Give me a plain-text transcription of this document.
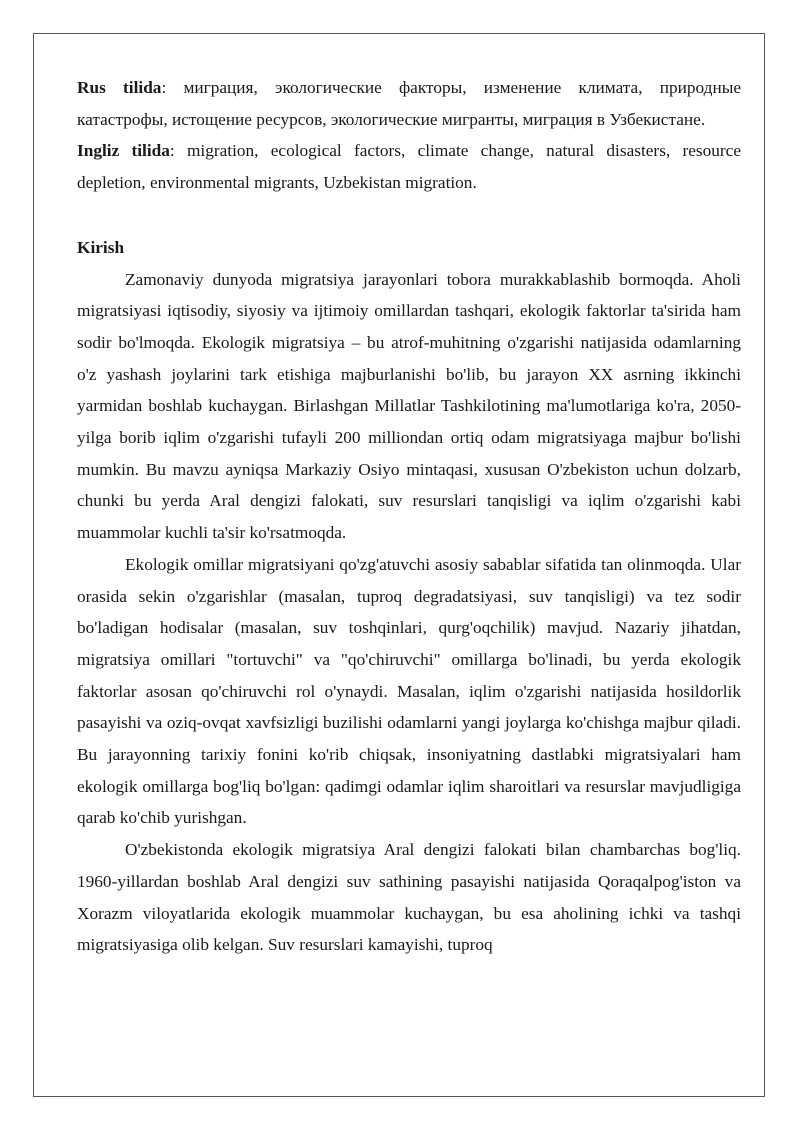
Rus tilida: миграция, экологические факторы, изменение климата, природные катастрофы, истощение ресурсов, экологические мигранты, миграция в Узбекистане.

Ingliz tilida: migration, ecological factors, climate change, natural disasters, resource depletion, environmental migrants, Uzbekistan migration.

Kirish

Zamonaviy dunyoda migratsiya jarayonlari tobora murakkablashib bormoqda. Aholi migratsiyasi iqtisodiy, siyosiy va ijtimoiy omillardan tashqari, ekologik faktorlar ta'sirida ham sodir bo'lmoqda. Ekologik migratsiya – bu atrof-muhitning o'zgarishi natijasida odamlarning o'z yashash joylarini tark etishiga majburlanishi bo'lib, bu jarayon XX asrning ikkinchi yarmidan boshlab kuchaygan. Birlashgan Millatlar Tashkilotining ma'lumotlariga ko'ra, 2050-yilga borib iqlim o'zgarishi tufayli 200 milliondan ortiq odam migratsiyaga majbur bo'lishi mumkin. Bu mavzu ayniqsa Markaziy Osiyo mintaqasi, xususan O'zbekiston uchun dolzarb, chunki bu yerda Aral dengizi falokati, suv resurslari tanqisligi va iqlim o'zgarishi kabi muammolar kuchli ta'sir ko'rsatmoqda.

Ekologik omillar migratsiyani qo'zg'atuvchi asosiy sabablar sifatida tan olinmoqda. Ular orasida sekin o'zgarishlar (masalan, tuproq degradatsiyasi, suv tanqisligi) va tez sodir bo'ladigan hodisalar (masalan, suv toshqinlari, qurg'oqchilik) mavjud. Nazariy jihatdan, migratsiya omillari "tortuvchi" va "qo'chiruvchi" omillarga bo'linadi, bu yerda ekologik faktorlar asosan qo'chiruvchi rol o'ynaydi. Masalan, iqlim o'zgarishi natijasida hosildorlik pasayishi va oziq-ovqat xavfsizligi buzilishi odamlarni yangi joylarga ko'chishga majbur qiladi. Bu jarayonning tarixiy fonini ko'rib chiqsak, insoniyatning dastlabki migratsiyalari ham ekologik omillarga bog'liq bo'lgan: qadimgi odamlar iqlim sharoitlari va resurslar mavjudligiga qarab ko'chib yurishgan.

O'zbekistonda ekologik migratsiya Aral dengizi falokati bilan chambarchas bog'liq. 1960-yillardan boshlab Aral dengizi suv sathining pasayishi natijasida Qoraqalpog'iston va Xorazm viloyatlarida ekologik muammolar kuchaygan, bu esa aholining ichki va tashqi migratsiyasiga olib kelgan. Suv resurslari kamayishi, tuproq
